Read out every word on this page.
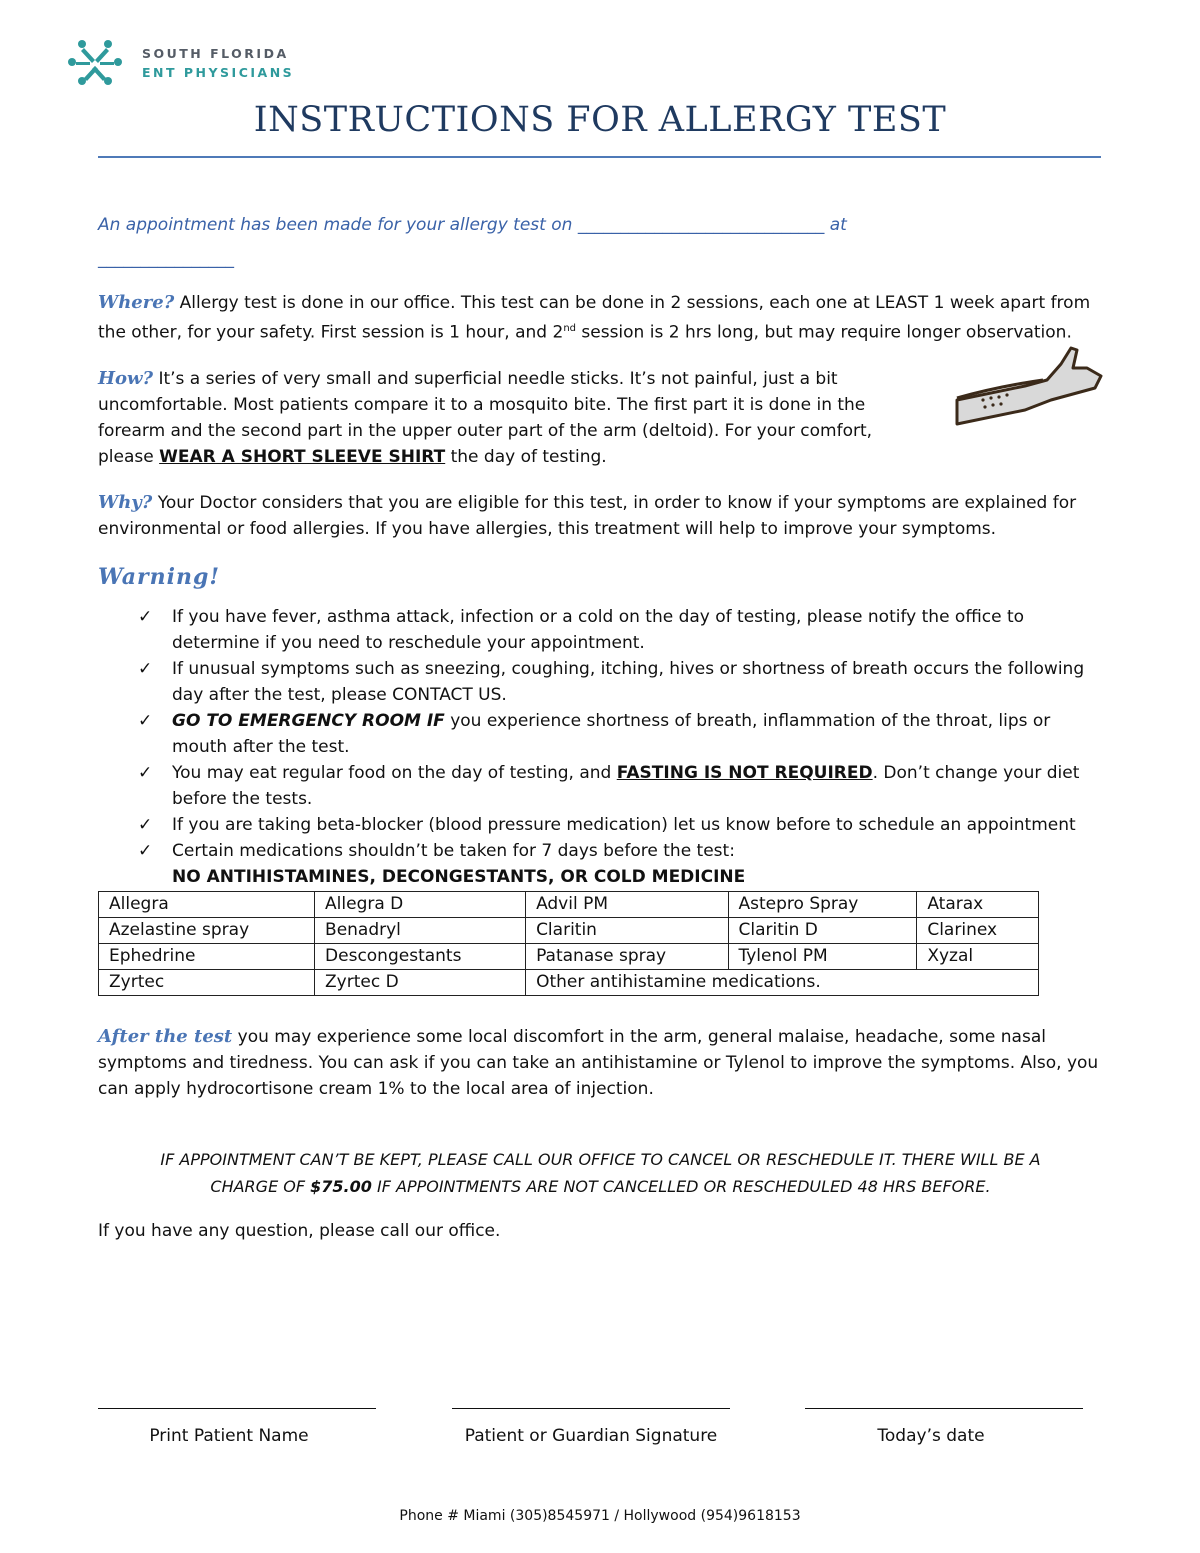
SOUTH FLORIDA
ENT PHYSICIANS
INSTRUCTIONS FOR ALLERGY TEST

An appointment has been made for your allergy test on _____________________________ at
________________

Where? Allergy test is done in our office. This test can be done in 2 sessions, each one at LEAST 1 week apart from the other, for your safety. First session is 1 hour, and 2nd session is 2 hrs long, but may require longer observation.

How? It’s a series of very small and superficial needle sticks. It’s not painful, just a bit uncomfortable. Most patients compare it to a mosquito bite. The first part it is done in the forearm and the second part in the upper outer part of the arm (deltoid). For your comfort, please WEAR A SHORT SLEEVE SHIRT the day of testing.

Why? Your Doctor considers that you are eligible for this test, in order to know if your symptoms are explained for environmental or food allergies. If you have allergies, this treatment will help to improve your symptoms.

Warning!
✓ If you have fever, asthma attack, infection or a cold on the day of testing, please notify the office to determine if you need to reschedule your appointment.
✓ If unusual symptoms such as sneezing, coughing, itching, hives or shortness of breath occurs the following day after the test, please CONTACT US.
✓ GO TO EMERGENCY ROOM IF you experience shortness of breath, inflammation of the throat, lips or mouth after the test.
✓ You may eat regular food on the day of testing, and FASTING IS NOT REQUIRED. Don’t change your diet before the tests.
✓ If you are taking beta-blocker (blood pressure medication) let us know before to schedule an appointment
✓ Certain medications shouldn’t be taken for 7 days before the test:
NO ANTIHISTAMINES, DECONGESTANTS, OR COLD MEDICINE
Allegra	Allegra D	Advil PM	Astepro Spray	Atarax
Azelastine spray	Benadryl	Claritin	Claritin D	Clarinex
Ephedrine	Descongestants	Patanase spray	Tylenol PM	Xyzal
Zyrtec	Zyrtec D	Other antihistamine medications.		

After the test you may experience some local discomfort in the arm, general malaise, headache, some nasal symptoms and tiredness. You can ask if you can take an antihistamine or Tylenol to improve the symptoms. Also, you can apply hydrocortisone cream 1% to the local area of injection.

IF APPOINTMENT CAN’T BE KEPT, PLEASE CALL OUR OFFICE TO CANCEL OR RESCHEDULE IT. THERE WILL BE A
CHARGE OF $75.00 IF APPOINTMENTS ARE NOT CANCELLED OR RESCHEDULED 48 HRS BEFORE.

If you have any question, please call our office.

Print Patient Name	Patient or Guardian Signature	Today’s date
Phone # Miami (305)8545971 / Hollywood (954)9618153
